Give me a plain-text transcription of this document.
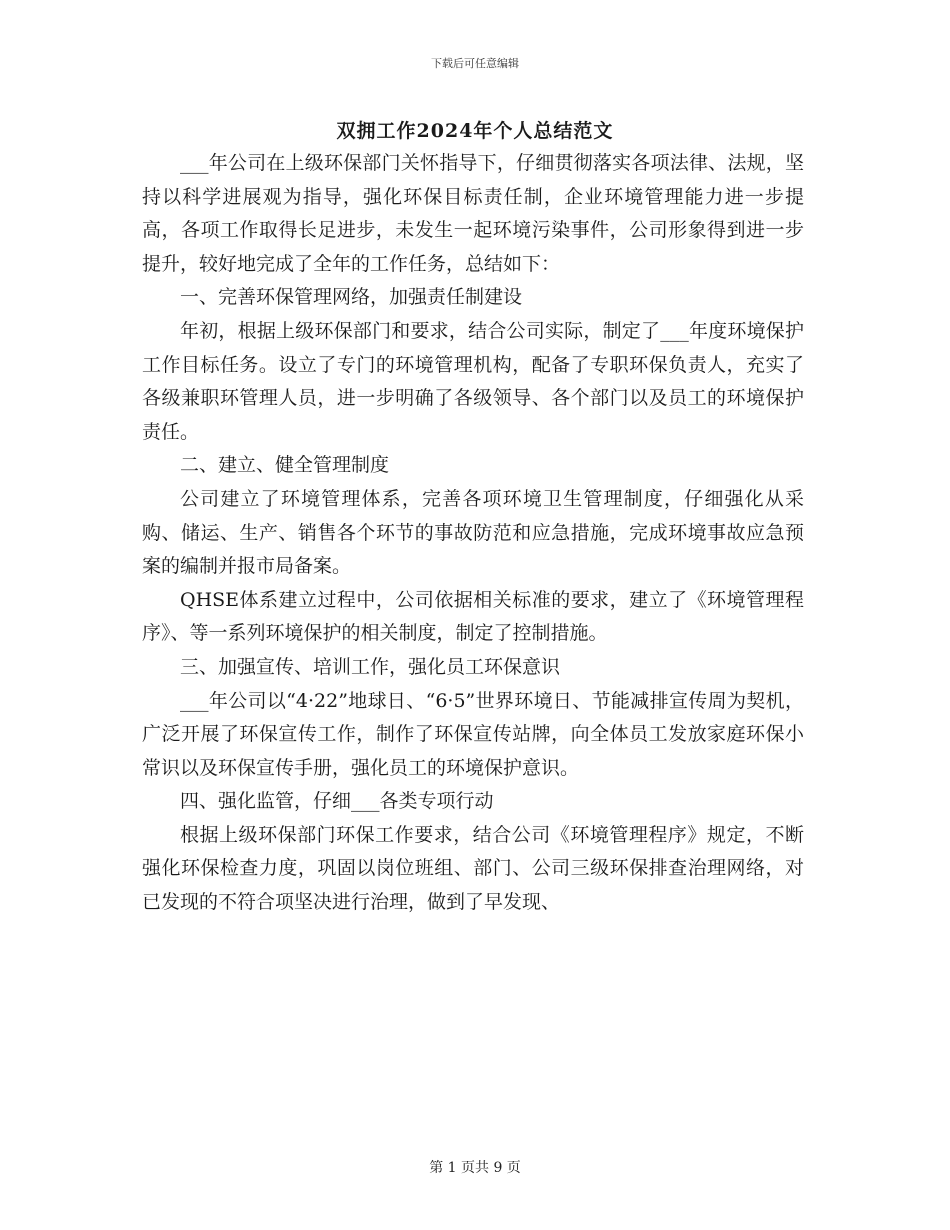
下载后可任意编辑
双拥工作2024年个人总结范文

___年公司在上级环保部门关怀指导下，仔细贯彻落实各项法律、法规，坚持以科学进展观为指导，强化环保目标责任制，企业环境管理能力进一步提高，各项工作取得长足进步，未发生一起环境污染事件，公司形象得到进一步提升，较好地完成了全年的工作任务，总结如下：

一、完善环保管理网络，加强责任制建设

年初，根据上级环保部门和要求，结合公司实际，制定了___年度环境保护工作目标任务。设立了专门的环境管理机构，配备了专职环保负责人，充实了各级兼职环管理人员，进一步明确了各级领导、各个部门以及员工的环境保护责任。

二、建立、健全管理制度

公司建立了环境管理体系，完善各项环境卫生管理制度，仔细强化从采购、储运、生产、销售各个环节的事故防范和应急措施，完成环境事故应急预案的编制并报市局备案。

QHSE体系建立过程中，公司依据相关标准的要求，建立了《环境管理程序》、等一系列环境保护的相关制度，制定了控制措施。

三、加强宣传、培训工作，强化员工环保意识

___年公司以“4·22”地球日、“6·5”世界环境日、节能减排宣传周为契机，广泛开展了环保宣传工作，制作了环保宣传站牌，向全体员工发放家庭环保小常识以及环保宣传手册，强化员工的环境保护意识。

四、强化监管，仔细___各类专项行动

根据上级环保部门环保工作要求，结合公司《环境管理程序》规定，不断强化环保检查力度，巩固以岗位班组、部门、公司三级环保排查治理网络，对已发现的不符合项坚决进行治理，做到了早发现、

第 1 页共 9 页
